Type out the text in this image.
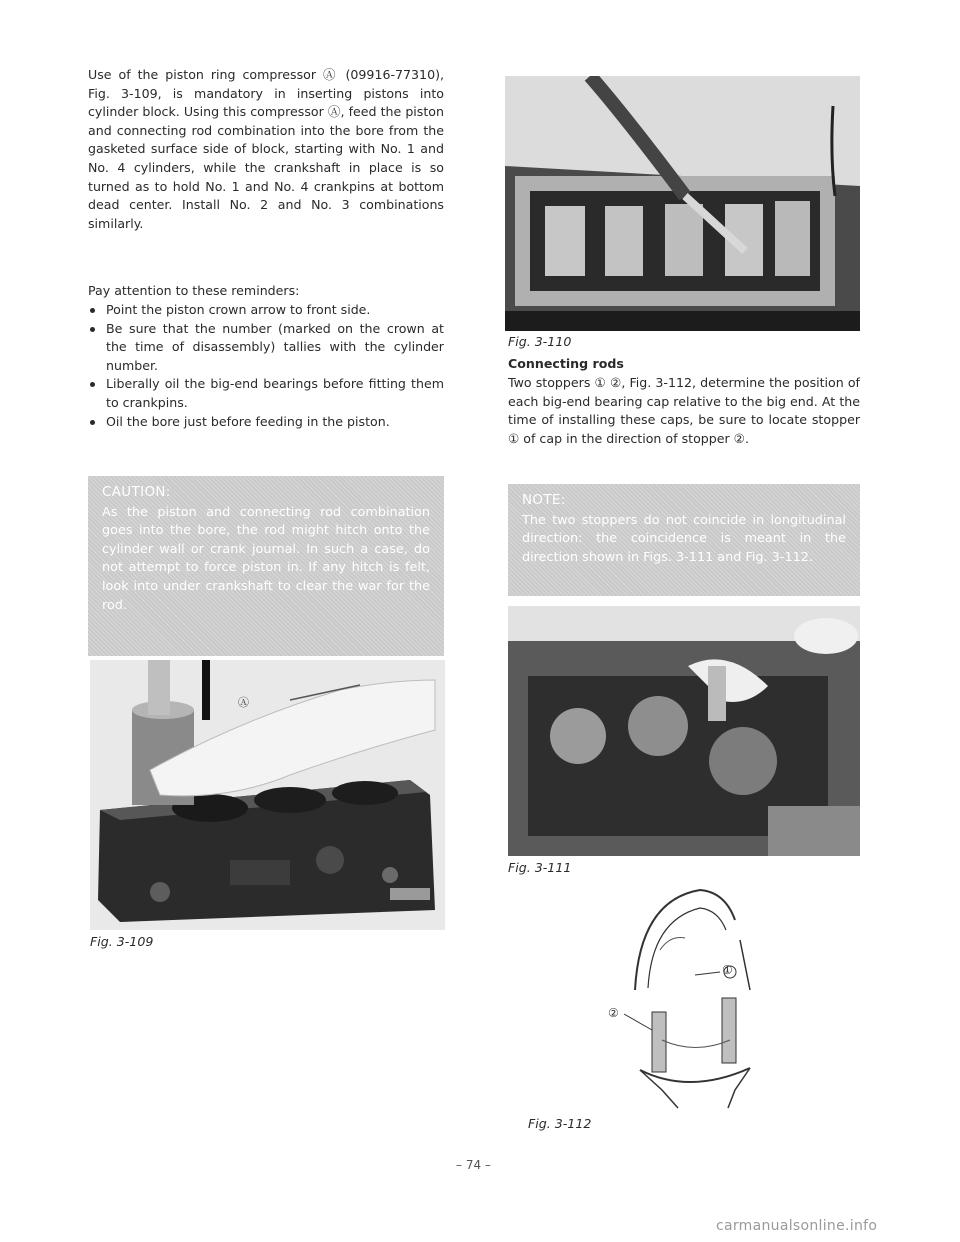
Use of the piston ring compressor Ⓐ (09916-77310), Fig. 3-109, is mandatory in inserting pistons into cylinder block. Using this compressor Ⓐ, feed the piston and connecting rod combination into the bore from the gasketed surface side of block, starting with No. 1 and No. 4 cylinders, while the crankshaft in place is so turned as to hold No. 1 and No. 4 crankpins at bottom dead center. Install No. 2 and No. 3 combinations similarly.

Pay attention to these reminders:

Point the piston crown arrow to front side.
Be sure that the number (marked on the crown at the time of disassembly) tallies with the cylinder number.
Liberally oil the big-end bearings before fitting them to crankpins.
Oil the bore just before feeding in the piston.
CAUTION:
As the piston and connecting rod combination goes into the bore, the rod might hitch onto the cylinder wall or crank journal. In such a case, do not attempt to force piston in. If any hitch is felt, look into under crankshaft to clear the war for the rod.
Ⓐ
Fig. 3-109
Fig. 3-110
Connecting rods

Two stoppers ① ②, Fig. 3-112, determine the position of each big-end bearing cap relative to the big end. At the time of installing these caps, be sure to locate stopper ① of cap in the direction of stopper ②.

NOTE:
The two stoppers do not coincide in longitudinal direction: the coincidence is meant in the direction shown in Figs. 3-111 and Fig. 3-112.
Fig. 3-111
①
②
Fig. 3-112
– 74 –
carmanualsonline.info
